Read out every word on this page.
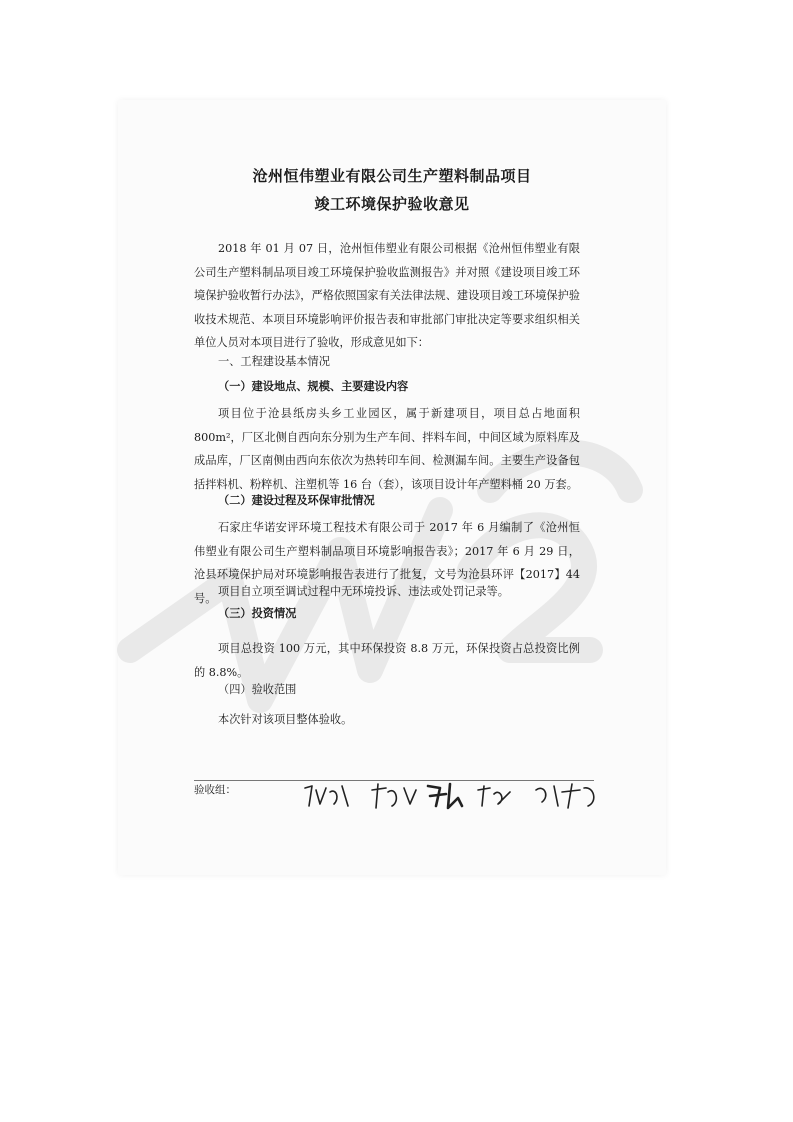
沧州恒伟塑业有限公司生产塑料制品项目
竣工环境保护验收意见
2018 年 01 月 07 日，沧州恒伟塑业有限公司根据《沧州恒伟塑业有限公司生产塑料制品项目竣工环境保护验收监测报告》并对照《建设项目竣工环境保护验收暂行办法》，严格依照国家有关法律法规、建设项目竣工环境保护验收技术规范、本项目环境影响评价报告表和审批部门审批决定等要求组织相关单位人员对本项目进行了验收，形成意见如下：
一、工程建设基本情况
（一）建设地点、规模、主要建设内容
项目位于沧县纸房头乡工业园区，属于新建项目，项目总占地面积 800m²，厂区北侧自西向东分别为生产车间、拌料车间，中间区域为原料库及成品库，厂区南侧由西向东依次为热转印车间、检测漏车间。主要生产设备包括拌料机、粉粹机、注塑机等 16 台（套），该项目设计年产塑料桶 20 万套。
（二）建设过程及环保审批情况
石家庄华诺安评环境工程技术有限公司于 2017 年 6 月编制了《沧州恒伟塑业有限公司生产塑料制品项目环境影响报告表》；2017 年 6 月 29 日，沧县环境保护局对环境影响报告表进行了批复，文号为沧县环评【2017】44 号。 项目自立项至调试过程中无环境投诉、违法或处罚记录等。
（三）投资情况
项目总投资 100 万元，其中环保投资 8.8 万元，环保投资占总投资比例的 8.8%。
（四）验收范围
本次针对该项目整体验收。
验收组：
